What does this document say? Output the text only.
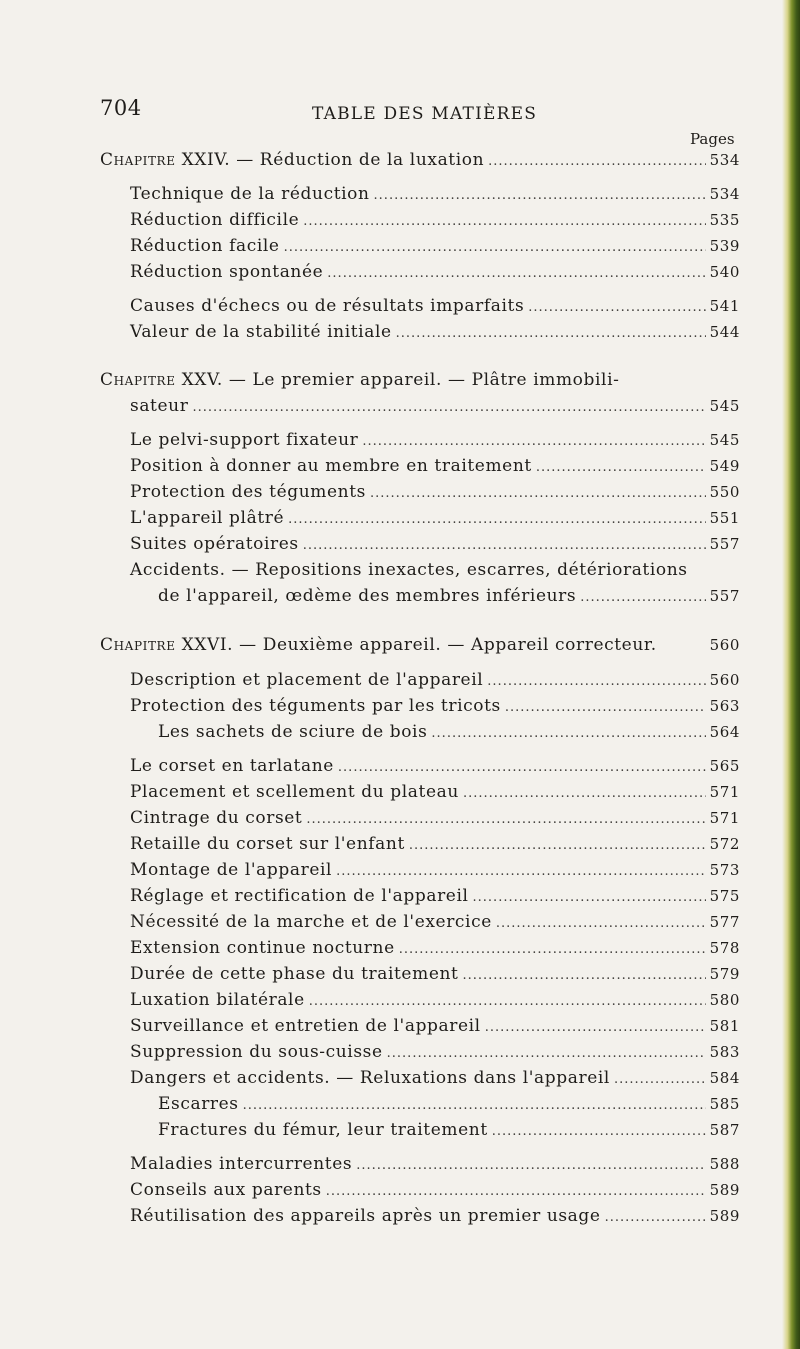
704	TABLE DES MATIÈRES
Pages
Chapitre XXIV. — Réduction de la luxation .....	534
Technique de la réduction .....	534
Réduction difficile .....	535
Réduction facile .....	539
Réduction spontanée .....	540
Causes d'échecs ou de résultats imparfaits .....	541
Valeur de la stabilité initiale .....	544
Chapitre XXV. — Le premier appareil. — Plâtre immobili-
sateur .....	545
Le pelvi-support fixateur .....	545
Position à donner au membre en traitement .....	549
Protection des téguments .....	550
L'appareil plâtré .....	551
Suites opératoires .....	557
Accidents. — Repositions inexactes, escarres, détériorations
de l'appareil, œdème des membres inférieurs .....	557
Chapitre XXVI. — Deuxième appareil. — Appareil correcteur.	560
Description et placement de l'appareil .....	560
Protection des téguments par les tricots .....	563
Les sachets de sciure de bois .....	564
Le corset en tarlatane .....	565
Placement et scellement du plateau .....	571
Cintrage du corset .....	571
Retaille du corset sur l'enfant .....	572
Montage de l'appareil .....	573
Réglage et rectification de l'appareil .....	575
Nécessité de la marche et de l'exercice .....	577
Extension continue nocturne .....	578
Durée de cette phase du traitement .....	579
Luxation bilatérale .....	580
Surveillance et entretien de l'appareil .....	581
Suppression du sous-cuisse .....	583
Dangers et accidents. — Reluxations dans l'appareil .....	584
Escarres .....	585
Fractures du fémur, leur traitement .....	587
Maladies intercurrentes .....	588
Conseils aux parents .....	589
Réutilisation des appareils après un premier usage .....	589
